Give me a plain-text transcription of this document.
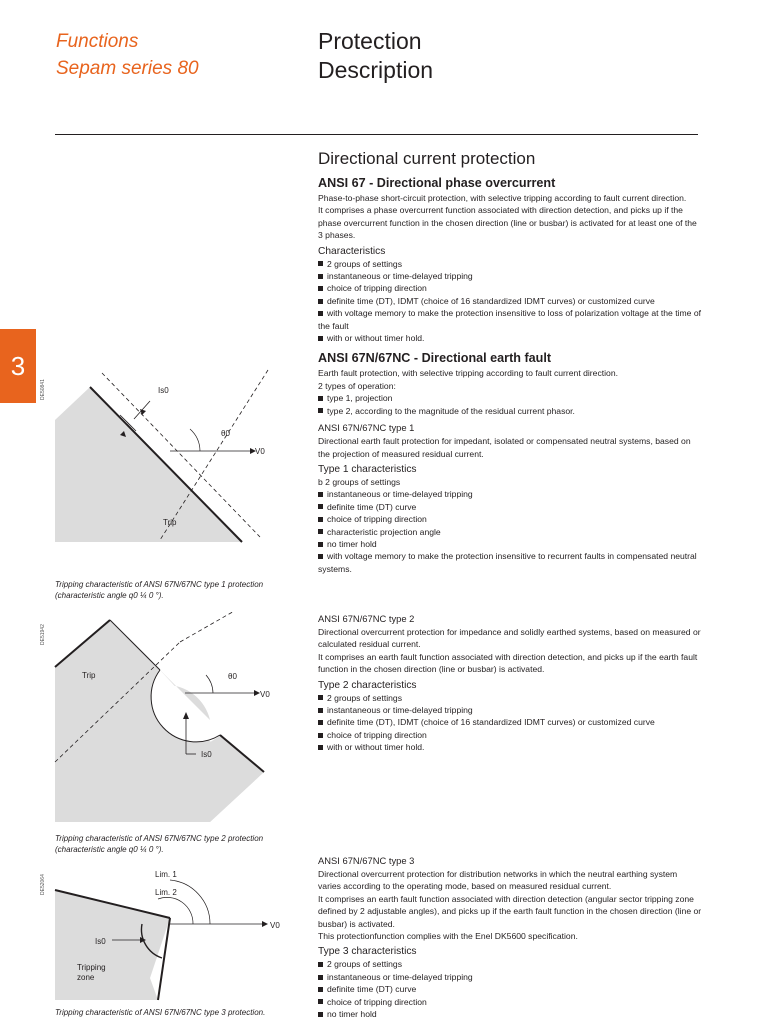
Functions
Sepam series 80
Protection
Description
3
Directional current protection
ANSI 67 - Directional phase overcurrent

Phase-to-phase short-circuit protection, with selective tripping according to fault current direction.

It comprises a phase overcurrent function associated with direction detection, and picks up if the phase overcurrent function in the chosen direction (line or busbar) is activated for at least one of the 3 phases.

Characteristics
2 groups of settings
instantaneous or time-delayed tripping
choice of tripping direction
definite time (DT), IDMT (choice of 16 standardized IDMT curves) or customized curve
with voltage memory to make the protection insensitive to loss of polarization voltage at the time of the fault
with or without timer hold.
ANSI 67N/67NC - Directional earth fault

Earth fault protection, with selective tripping according to fault current direction.

2 types of operation:

type 1, projection
type 2, according to the magnitude of the residual current phasor.
ANSI 67N/67NC type 1

Directional earth fault protection for impedant, isolated or compensated neutral systems, based on the projection of measured residual current.

Type 1 characteristics
b 2 groups of settings
instantaneous or time-delayed tripping
definite time (DT) curve
choice of tripping direction
characteristic projection angle
no timer hold
with voltage memory to make the protection insensitive to recurrent faults in compensated neutral systems.
ANSI 67N/67NC type 2

Directional overcurrent protection for impedance and solidly earthed systems, based on measured or calculated residual current.

It comprises an earth fault function associated with direction detection, and picks up if the earth fault function in the chosen direction (line or busbar) is activated.

Type 2 characteristics
2 groups of settings
instantaneous or time-delayed tripping
definite time (DT), IDMT (choice of 16 standardized IDMT curves) or customized curve
choice of tripping direction
with or without timer hold.
ANSI 67N/67NC type 3

Directional overcurrent protection for distribution networks in which the neutral earthing system varies according to the operating mode, based on measured residual current.

It comprises an earth fault function associated with direction detection (angular sector tripping zone defined by 2 adjustable angles), and picks up if the earth fault function in the chosen direction (line or busbar) is activated.

This protectionfunction complies with the Enel DK5600 specification.

Type 3 characteristics
2 groups of settings
instantaneous or time-delayed tripping
definite time (DT) curve
choice of tripping direction
no timer hold
DE50841	Is0
θ0
V0
Trip
Tripping characteristic of ANSI 67N/67NC type 1 protection (characteristic angle q0 ¼ 0 °).
DE51942
Trip	θ0
V0
Is0
Tripping characteristic of ANSI 67N/67NC type 2 protection (characteristic angle q0 ¼ 0 °).
DE52064	Lim. 1
Lim. 2
V0
Is0
Tripping
zone
Tripping characteristic of ANSI 67N/67NC type 3 protection.
